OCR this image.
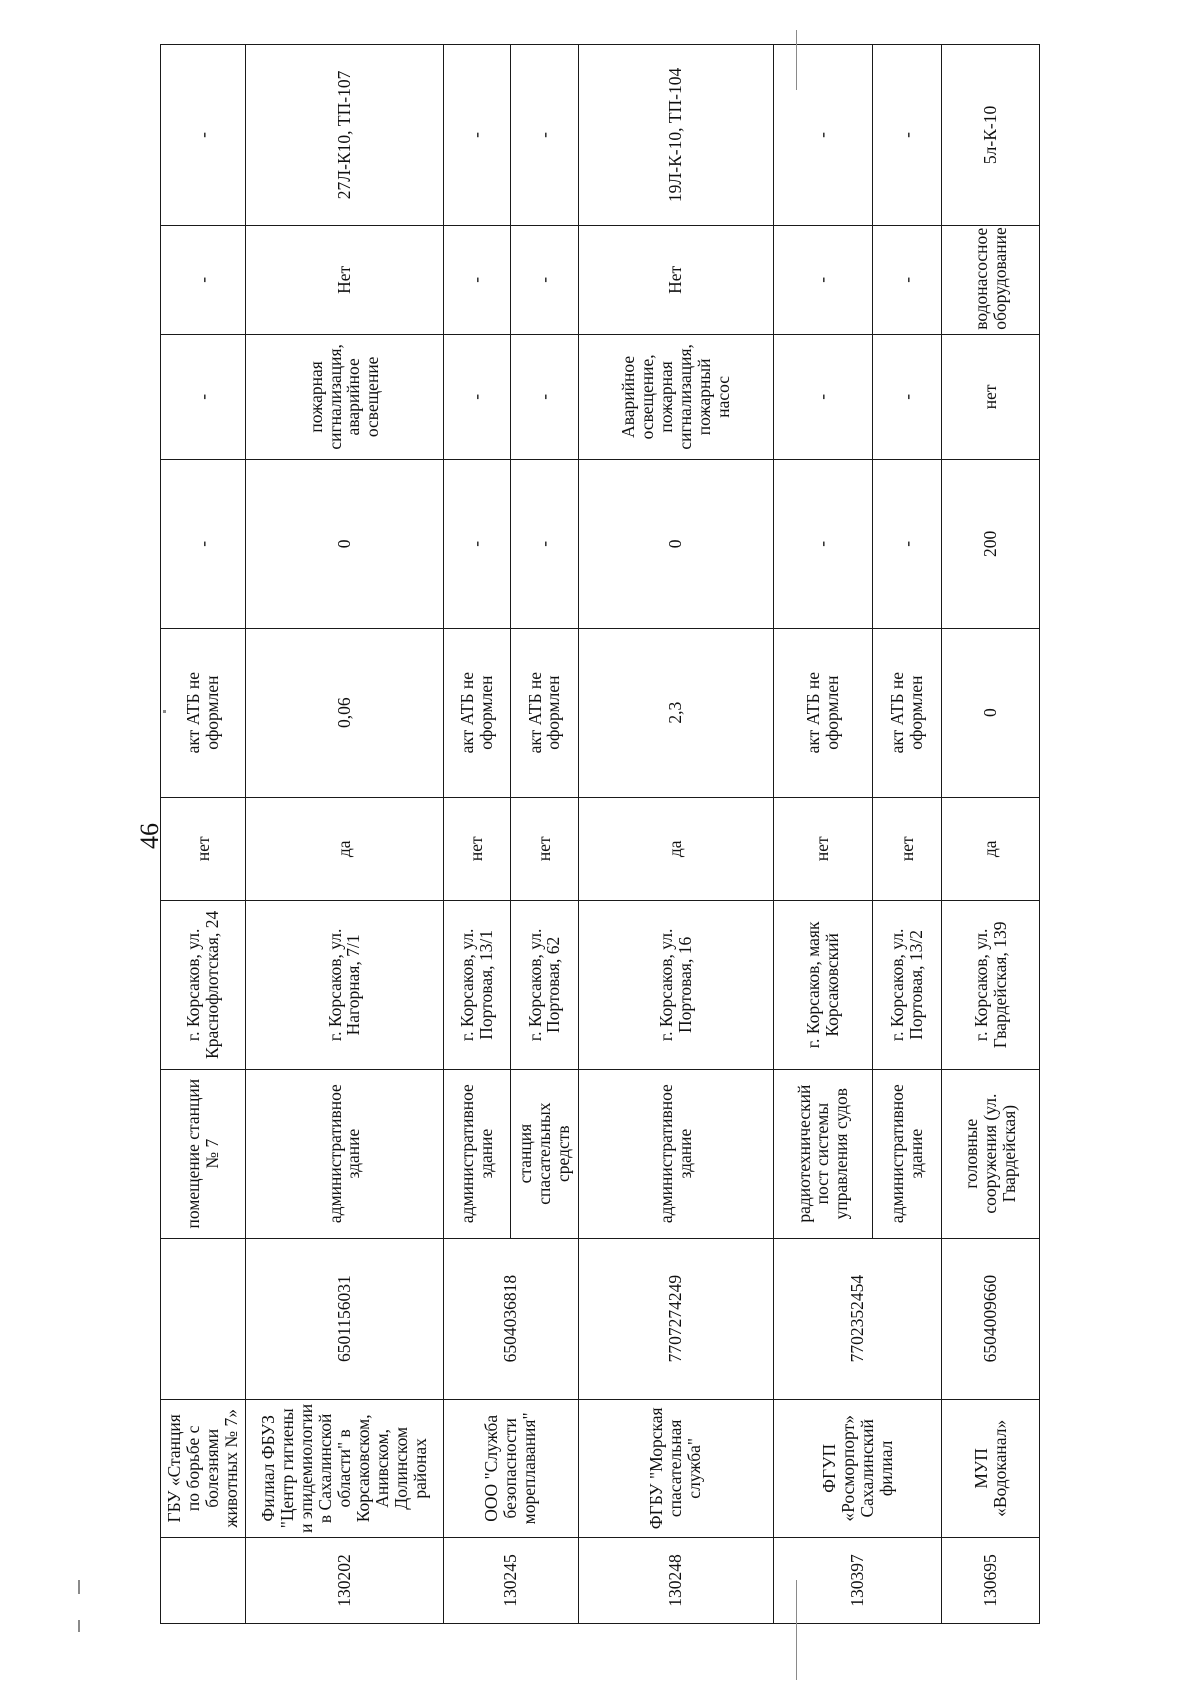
46
	ГБУ «Станция по борьбе с болезнями животных № 7»		помещение станции № 7	г. Корсаков, ул. Краснофлотская, 24	нет	акт АТБ не оформлен	-	-	-	-
130202	Филиал ФБУЗ "Центр гигиены и эпидемиологии в Сахалинской области" в Корсаковском, Анивском, Долинском районах	6501156031	административное здание	г. Корсаков, ул. Нагорная, 7/1	да	0,06	0	пожарная сигнализация, аварийное освещение	Нет	27Л-К10, ТП-107
130245	ООО "Служба безопасности мореплавания"	6504036818	административное здание	г. Корсаков, ул. Портовая, 13/1	нет	акт АТБ не оформлен	-	-	-	-
			станция спасательных средств	г. Корсаков, ул. Портовая, 62	нет	акт АТБ не оформлен	-	-	-	-
130248	ФГБУ "Морская спасательная служба"	7707274249	административное здание	г. Корсаков, ул. Портовая, 16	да	2,3	0	Аварийное освещение, пожарная сигнализация, пожарный насос	Нет	19Л-К-10, ТП-104
130397	ФГУП «Росморпорт» Сахалинский филиал	7702352454	радиотехнический пост системы управления судов	г. Корсаков, маяк Корсаковский	нет	акт АТБ не оформлен	-	-	-	-
			административное здание	г. Корсаков, ул. Портовая, 13/2	нет	акт АТБ не оформлен	-	-	-	-
130695	МУП «Водоканал»	6504009660	головные сооружения (ул. Гвардейская)	г. Корсаков, ул. Гвардейская, 139	да	0	200	нет	водонасосное оборудование	5л-К-10
